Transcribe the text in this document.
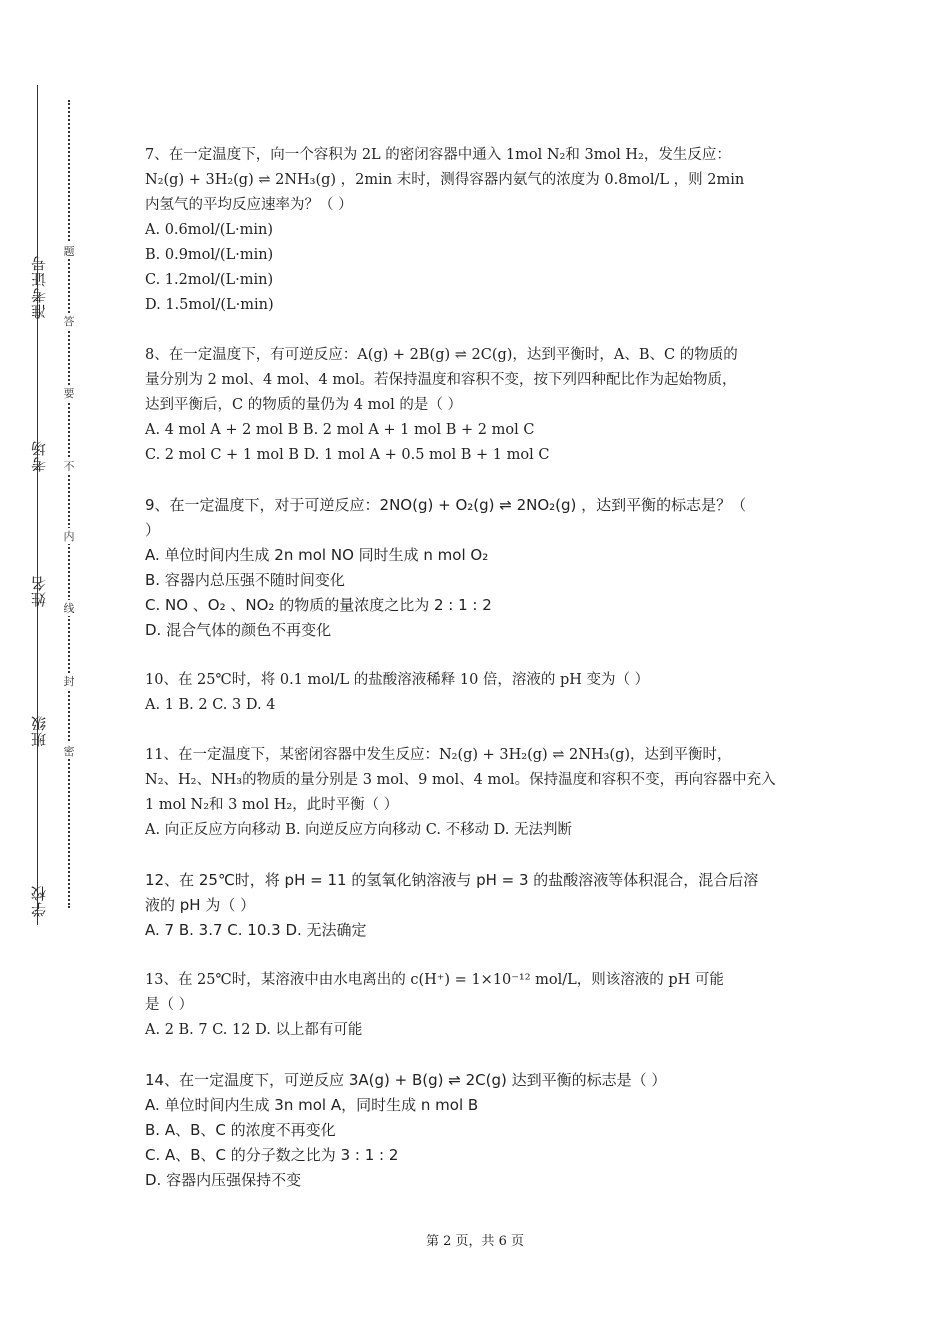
准考证号
考场
姓名
班级
学校
题
答
要
不
内
线
封
密
7、在一定温度下，向一个容积为 2L 的密闭容器中通入 1mol N₂和 3mol H₂，发生反应：
N₂(g) + 3H₂(g) ⇌ 2NH₃(g) ，2min 末时，测得容器内氨气的浓度为 0.8mol/L ，则 2min
内氢气的平均反应速率为？（ ）
A. 0.6mol/(L·min)
B. 0.9mol/(L·min)
C. 1.2mol/(L·min)
D. 1.5mol/(L·min)
8、在一定温度下，有可逆反应：A(g) + 2B(g) ⇌ 2C(g)，达到平衡时，A、B、C 的物质的
量分别为 2 mol、4 mol、4 mol。若保持温度和容积不变，按下列四种配比作为起始物质，
达到平衡后，C 的物质的量仍为 4 mol 的是（ ）
A. 4 mol A + 2 mol B B. 2 mol A + 1 mol B + 2 mol C
C. 2 mol C + 1 mol B D. 1 mol A + 0.5 mol B + 1 mol C
9、在一定温度下，对于可逆反应：2NO(g) + O₂(g) ⇌ 2NO₂(g) ，达到平衡的标志是？（
）
A. 单位时间内生成 2n mol NO 同时生成 n mol O₂
B. 容器内总压强不随时间变化
C. NO 、O₂ 、NO₂ 的物质的量浓度之比为 2 : 1 : 2
D. 混合气体的颜色不再变化
10、在 25℃时，将 0.1 mol/L 的盐酸溶液稀释 10 倍，溶液的 pH 变为（ ）
A. 1 B. 2 C. 3 D. 4
11、在一定温度下，某密闭容器中发生反应：N₂(g) + 3H₂(g) ⇌ 2NH₃(g)，达到平衡时，
N₂、H₂、NH₃的物质的量分别是 3 mol、9 mol、4 mol。保持温度和容积不变，再向容器中充入
1 mol N₂和 3 mol H₂，此时平衡（ ）
A. 向正反应方向移动 B. 向逆反应方向移动 C. 不移动 D. 无法判断
12、在 25℃时，将 pH = 11 的氢氧化钠溶液与 pH = 3 的盐酸溶液等体积混合，混合后溶
液的 pH 为（ ）
A. 7 B. 3.7 C. 10.3 D. 无法确定
13、在 25℃时，某溶液中由水电离出的 c(H⁺) = 1×10⁻¹² mol/L，则该溶液的 pH 可能
是（ ）
A. 2 B. 7 C. 12 D. 以上都有可能
14、在一定温度下，可逆反应 3A(g) + B(g) ⇌ 2C(g) 达到平衡的标志是（ ）
A. 单位时间内生成 3n mol A，同时生成 n mol B
B. A、B、C 的浓度不再变化
C. A、B、C 的分子数之比为 3 : 1 : 2
D. 容器内压强保持不变
第 2 页，共 6 页
